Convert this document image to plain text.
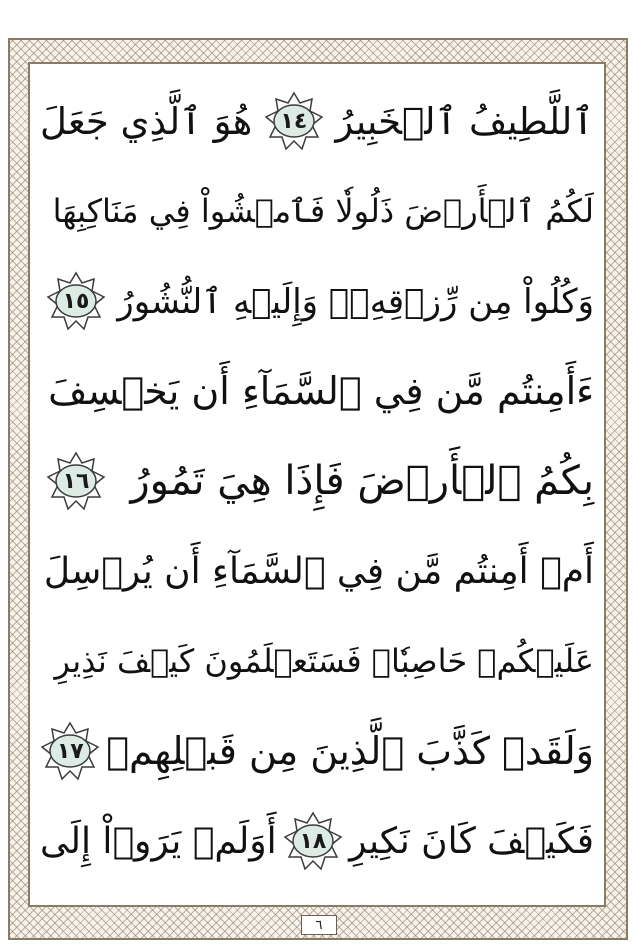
ٱللَّطِيفُ ٱلۡخَبِيرُ
١٤
هُوَ ٱلَّذِي جَعَلَ
لَكُمُ ٱلۡأَرۡضَ ذَلُولٗا فَٱمۡشُواْ فِي مَنَاكِبِهَا
وَكُلُواْ مِن رِّزۡقِهِۦۖ وَإِلَيۡهِ ٱلنُّشُورُ
١٥
ءَأَمِنتُم مَّن فِي ٱلسَّمَآءِ أَن يَخۡسِفَ
بِكُمُ ٱلۡأَرۡضَ فَإِذَا هِيَ تَمُورُ
١٦
أَمۡ أَمِنتُم مَّن فِي ٱلسَّمَآءِ أَن يُرۡسِلَ
عَلَيۡكُمۡ حَاصِبٗاۖ فَسَتَعۡلَمُونَ كَيۡفَ نَذِيرِ
وَلَقَدۡ كَذَّبَ ٱلَّذِينَ مِن قَبۡلِهِمۡ
١٧
فَكَيۡفَ كَانَ نَكِيرِ
١٨
أَوَلَمۡ يَرَوۡاْ إِلَى
٦
